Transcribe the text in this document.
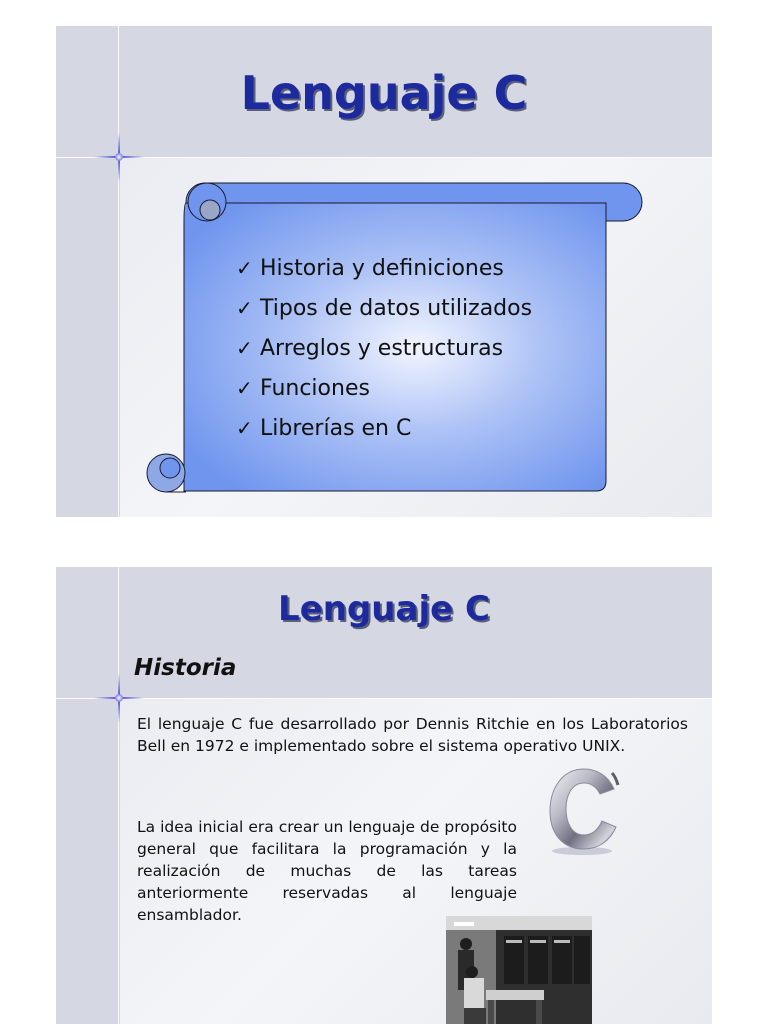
Lenguaje C
✓ Historia y definiciones
✓ Tipos de datos utilizados
✓ Arreglos y estructuras
✓ Funciones
✓ Librerías en C
Lenguaje C
Historia

El lenguaje C fue desarrollado por Dennis Ritchie en los Laboratorios Bell en 1972 e implementado sobre el sistema operativo UNIX.

La idea inicial era crear un lenguaje de propósito general que facilitara la programación y la realización de muchas de las tareas anteriormente reservadas al lenguaje ensamblador.
